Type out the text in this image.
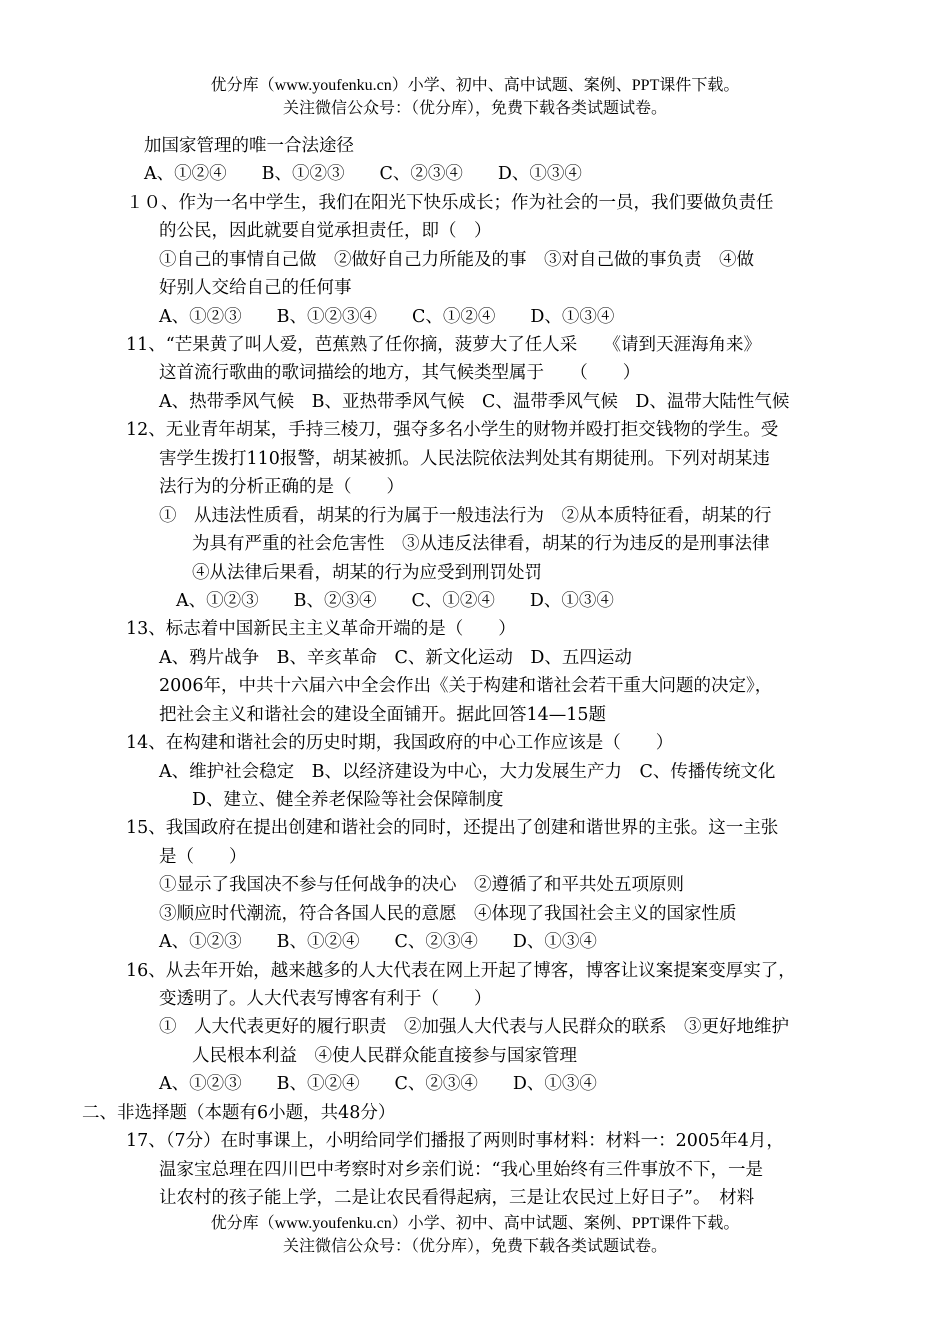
优分库（www.youfenku.cn）小学、初中、高中试题、案例、PPT课件下载。
关注微信公众号：（优分库），免费下载各类试题试卷。
加国家管理的唯一合法途径
A、①②④　　B、①②③　　C、②③④　　D、①③④
１０、作为一名中学生，我们在阳光下快乐成长；作为社会的一员，我们要做负责任
的公民，因此就要自觉承担责任，即（　）
①自己的事情自己做　②做好自己力所能及的事　③对自己做的事负责　④做
好别人交给自己的任何事
A、①②③　　B、①②③④　　C、①②④　　D、①③④
11、“芒果黄了叫人爱，芭蕉熟了任你摘，菠萝大了任人采　　《请到天涯海角来》
这首流行歌曲的歌词描绘的地方，其气候类型属于　　（　　）
A、热带季风气候　B、亚热带季风气候　C、温带季风气候　D、温带大陆性气候
12、无业青年胡某，手持三棱刀，强夺多名小学生的财物并殴打拒交钱物的学生。受
害学生拨打110报警，胡某被抓。人民法院依法判处其有期徒刑。下列对胡某违
法行为的分析正确的是（　　）
①　从违法性质看，胡某的行为属于一般违法行为　②从本质特征看，胡某的行
为具有严重的社会危害性　③从违反法律看，胡某的行为违反的是刑事法律
④从法律后果看，胡某的行为应受到刑罚处罚
A、①②③　　B、②③④　　C、①②④　　D、①③④
13、标志着中国新民主主义革命开端的是（　　）
A、鸦片战争　B、辛亥革命　C、新文化运动　D、五四运动
2006年，中共十六届六中全会作出《关于构建和谐社会若干重大问题的决定》，
把社会主义和谐社会的建设全面铺开。据此回答14—15题
14、在构建和谐社会的历史时期，我国政府的中心工作应该是（　　）
A、维护社会稳定　B、以经济建设为中心，大力发展生产力　C、传播传统文化
D、建立、健全养老保险等社会保障制度
15、我国政府在提出创建和谐社会的同时，还提出了创建和谐世界的主张。这一主张
是（　　）
①显示了我国决不参与任何战争的决心　②遵循了和平共处五项原则
③顺应时代潮流，符合各国人民的意愿　④体现了我国社会主义的国家性质
A、①②③　　B、①②④　　C、②③④　　D、①③④
16、从去年开始，越来越多的人大代表在网上开起了博客，博客让议案提案变厚实了，
变透明了。人大代表写博客有利于（　　）
①　人大代表更好的履行职责　②加强人大代表与人民群众的联系　③更好地维护
人民根本利益　④使人民群众能直接参与国家管理
A、①②③　　B、①②④　　C、②③④　　D、①③④
二、非选择题（本题有6小题，共48分）
17、（7分）在时事课上，小明给同学们播报了两则时事材料：材料一：2005年4月，
温家宝总理在四川巴中考察时对乡亲们说：“我心里始终有三件事放不下，一是
让农村的孩子能上学，二是让农民看得起病，三是让农民过上好日子”。　材料
优分库（www.youfenku.cn）小学、初中、高中试题、案例、PPT课件下载。
关注微信公众号：（优分库），免费下载各类试题试卷。
